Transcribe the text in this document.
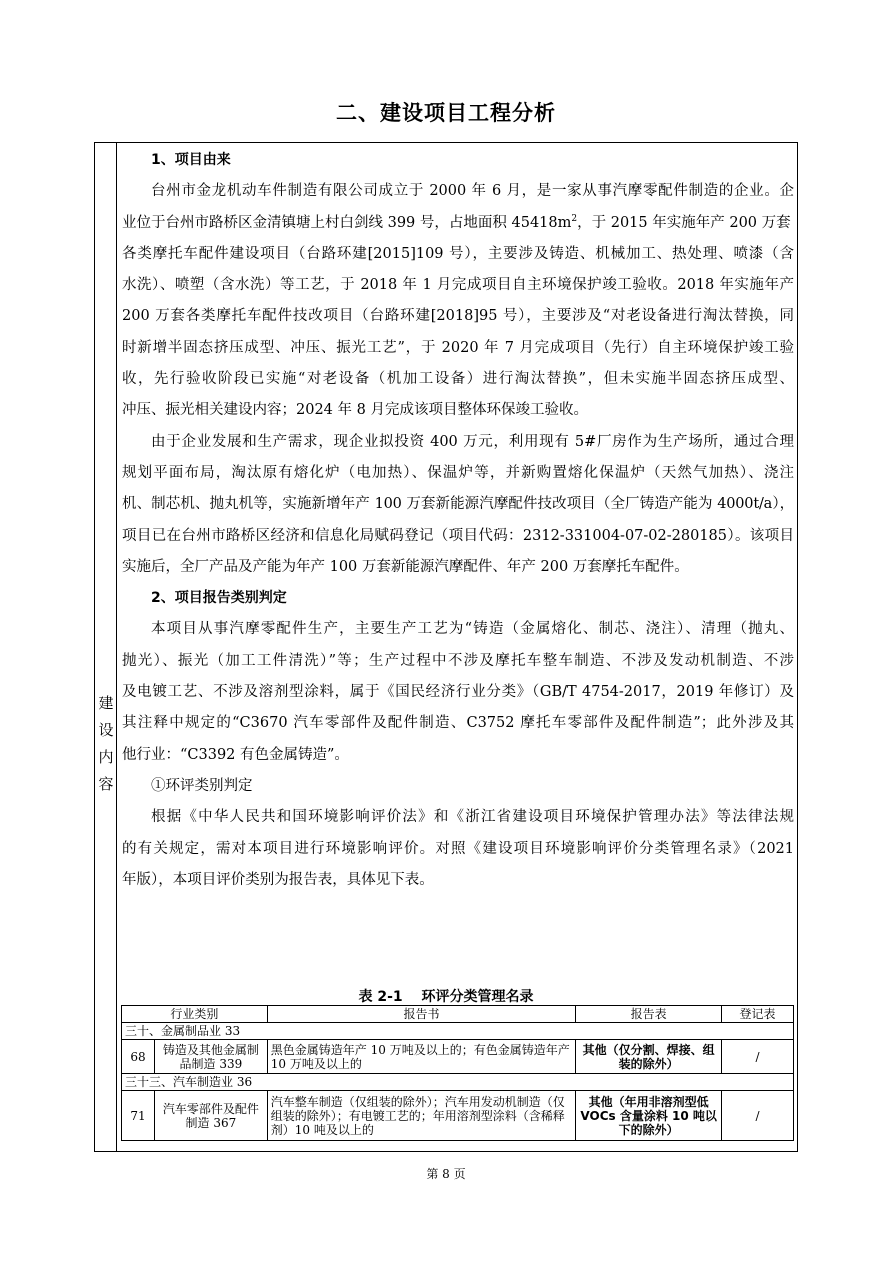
二、建设项目工程分析
建
设
内
容
1、项目由来
台州市金龙机动车件制造有限公司成立于 2000 年 6 月，是一家从事汽摩零配件制造的企业。企
业位于台州市路桥区金清镇塘上村白剑线 399 号，占地面积 $45418m^2$，于 2015 年实施年产 200 万套
各类摩托车配件建设项目（台路环建[2015]109 号），主要涉及铸造、机械加工、热处理、喷漆（含
水洗）、喷塑（含水洗）等工艺，于 2018 年 1 月完成项目自主环境保护竣工验收。2018 年实施年产
200 万套各类摩托车配件技改项目（台路环建[2018]95 号），主要涉及“对老设备进行淘汰替换，同
时新增半固态挤压成型、冲压、振光工艺”，于 2020 年 7 月完成项目（先行）自主环境保护竣工验
收，先行验收阶段已实施“对老设备（机加工设备）进行淘汰替换”，但未实施半固态挤压成型、
冲压、振光相关建设内容；2024 年 8 月完成该项目整体环保竣工验收。
由于企业发展和生产需求，现企业拟投资 400 万元，利用现有 5#厂房作为生产场所，通过合理
规划平面布局，淘汰原有熔化炉（电加热）、保温炉等，并新购置熔化保温炉（天然气加热）、浇注
机、制芯机、抛丸机等，实施新增年产 100 万套新能源汽摩配件技改项目（全厂铸造产能为 4000t/a），
项目已在台州市路桥区经济和信息化局赋码登记（项目代码：2312-331004-07-02-280185）。该项目
实施后，全厂产品及产能为年产 100 万套新能源汽摩配件、年产 200 万套摩托车配件。
2、项目报告类别判定
本项目从事汽摩零配件生产，主要生产工艺为“铸造（金属熔化、制芯、浇注）、清理（抛丸、
抛光）、振光（加工工件清洗）”等；生产过程中不涉及摩托车整车制造、不涉及发动机制造、不涉
及电镀工艺、不涉及溶剂型涂料，属于《国民经济行业分类》（GB/T 4754-2017，2019 年修订）及
其注释中规定的“C3670 汽车零部件及配件制造、C3752 摩托车零部件及配件制造”；此外涉及其
他行业：“C3392 有色金属铸造”。
①环评类别判定
根据《中华人民共和国环境影响评价法》和《浙江省建设项目环境保护管理办法》等法律法规
的有关规定，需对本项目进行环境影响评价。对照《建设项目环境影响评价分类管理名录》（2021
年版），本项目评价类别为报告表，具体见下表。
表 2-1　 环评分类管理名录
行业类别		报告书	报告表	登记表
三十、金属制品业 33				
68	铸造及其他金属制品制造 339	黑色金属铸造年产 10 万吨及以上的；有色金属铸造年产 10 万吨及以上的	其他（仅分割、焊接、组装的除外）	/
三十三、汽车制造业 36				
71	汽车零部件及配件制造 367	汽车整车制造（仅组装的除外）；汽车用发动机制造（仅组装的除外）；有电镀工艺的；年用溶剂型涂料（含稀释剂）10 吨及以上的	其他（年用非溶剂型低 VOCs 含量涂料 10 吨以下的除外）	/
第 8 页
